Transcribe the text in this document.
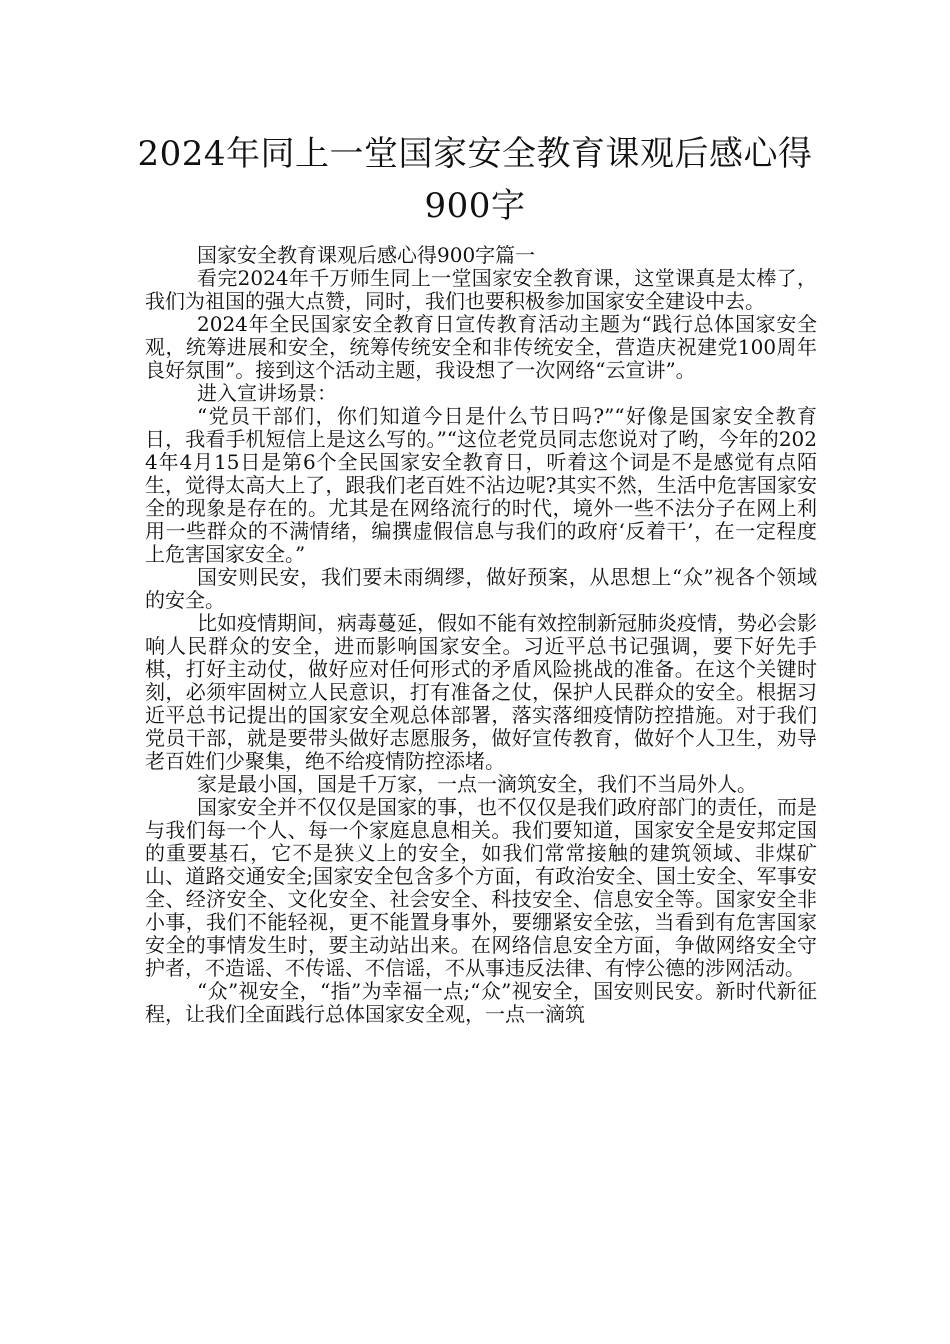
2024年同上一堂国家安全教育课观后感心得900字

国家安全教育课观后感心得900字篇一

看完2024年千万师生同上一堂国家安全教育课，这堂课真是太棒了，我们为祖国的强大点赞，同时，我们也要积极参加国家安全建设中去。

2024年全民国家安全教育日宣传教育活动主题为“践行总体国家安全观，统筹进展和安全，统筹传统安全和非传统安全，营造庆祝建党100周年良好氛围”。接到这个活动主题，我设想了一次网络“云宣讲”。

进入宣讲场景：

“党员干部们，你们知道今日是什么节日吗?”“好像是国家安全教育日，我看手机短信上是这么写的。”“这位老党员同志您说对了哟，今年的2024年4月15日是第6个全民国家安全教育日，听着这个词是不是感觉有点陌生，觉得太高大上了，跟我们老百姓不沾边呢?其实不然，生活中危害国家安全的现象是存在的。尤其是在网络流行的时代，境外一些不法分子在网上利用一些群众的不满情绪，编撰虚假信息与我们的政府‘反着干’，在一定程度上危害国家安全。”

国安则民安，我们要未雨绸缪，做好预案，从思想上“众”视各个领域的安全。

比如疫情期间，病毒蔓延，假如不能有效控制新冠肺炎疫情，势必会影响人民群众的安全，进而影响国家安全。习近平总书记强调，要下好先手棋，打好主动仗，做好应对任何形式的矛盾风险挑战的准备。在这个关键时刻，必须牢固树立人民意识，打有准备之仗，保护人民群众的安全。根据习近平总书记提出的国家安全观总体部署，落实落细疫情防控措施。对于我们党员干部，就是要带头做好志愿服务，做好宣传教育，做好个人卫生，劝导老百姓们少聚集，绝不给疫情防控添堵。

家是最小国，国是千万家，一点一滴筑安全，我们不当局外人。

国家安全并不仅仅是国家的事，也不仅仅是我们政府部门的责任，而是与我们每一个人、每一个家庭息息相关。我们要知道，国家安全是安邦定国的重要基石，它不是狭义上的安全，如我们常常接触的建筑领域、非煤矿山、道路交通安全;国家安全包含多个方面，有政治安全、国土安全、军事安全、经济安全、文化安全、社会安全、科技安全、信息安全等。国家安全非小事，我们不能轻视，更不能置身事外，要绷紧安全弦，当看到有危害国家安全的事情发生时，要主动站出来。在网络信息安全方面，争做网络安全守护者，不造谣、不传谣、不信谣，不从事违反法律、有悖公德的涉网活动。

“众”视安全，“指”为幸福一点;“众”视安全，国安则民安。新时代新征程，让我们全面践行总体国家安全观，一点一滴筑
